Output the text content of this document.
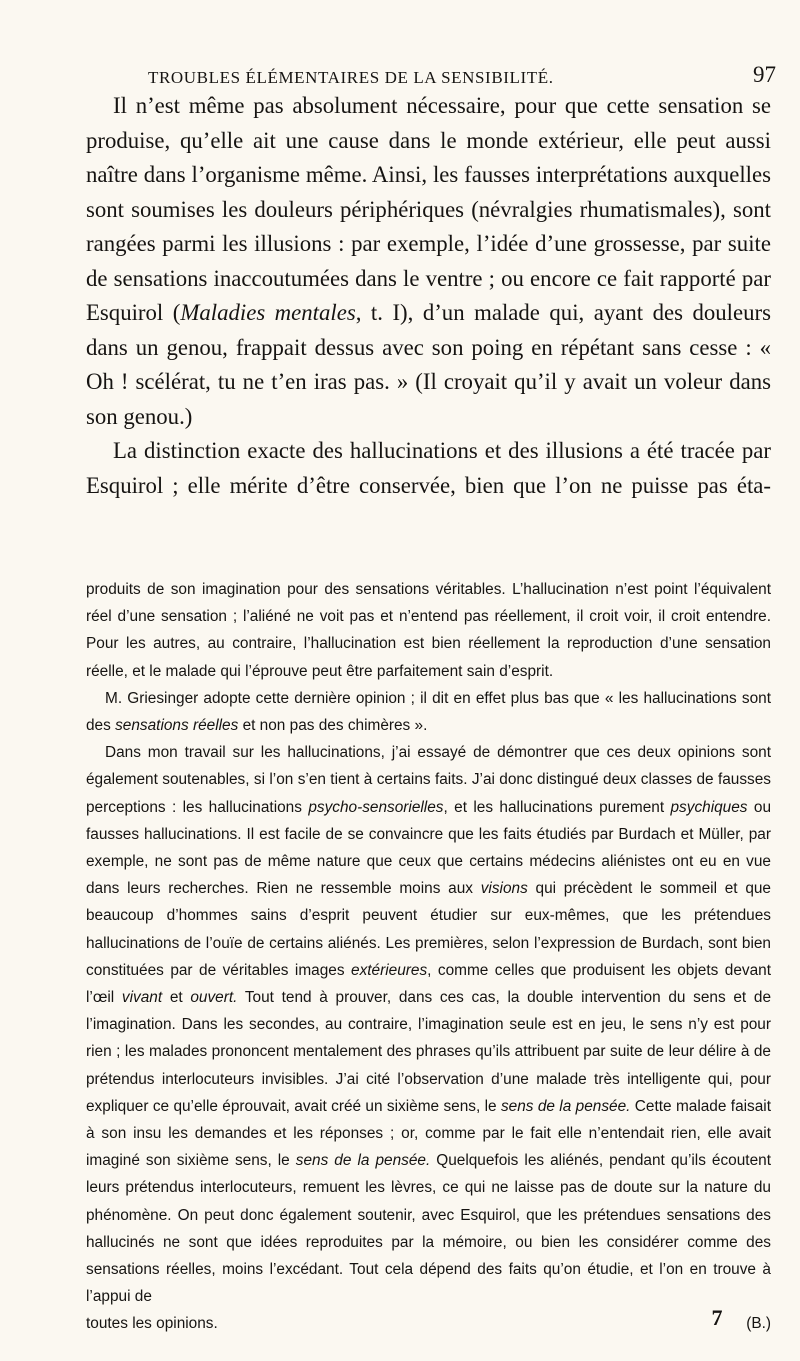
TROUBLES ÉLÉMENTAIRES DE LA SENSIBILITÉ.	97

Il n’est même pas absolument nécessaire, pour que cette sensation se produise, qu’elle ait une cause dans le monde extérieur, elle peut aussi naître dans l’organisme même. Ainsi, les fausses interprétations auxquelles sont soumises les douleurs périphériques (névralgies rhumatismales), sont rangées parmi les illusions : par exemple, l’idée d’une grossesse, par suite de sensations inaccoutumées dans le ventre ; ou encore ce fait rapporté par Esquirol (Maladies mentales, t. I), d’un malade qui, ayant des douleurs dans un genou, frappait dessus avec son poing en répétant sans cesse : « Oh ! scélérat, tu ne t’en iras pas. » (Il croyait qu’il y avait un voleur dans son genou.)

La distinction exacte des hallucinations et des illusions a été tracée par Esquirol ; elle mérite d’être conservée, bien que l’on ne puisse pas éta-

produits de son imagination pour des sensations véritables. L’hallucination n’est point l’équivalent réel d’une sensation ; l’aliéné ne voit pas et n’entend pas réellement, il croit voir, il croit entendre. Pour les autres, au contraire, l’hallucination est bien réellement la reproduction d’une sensation réelle, et le malade qui l’éprouve peut être parfaitement sain d’esprit.

M. Griesinger adopte cette dernière opinion ; il dit en effet plus bas que « les hallucinations sont des sensations réelles et non pas des chimères ».

Dans mon travail sur les hallucinations, j’ai essayé de démontrer que ces deux opinions sont également soutenables, si l’on s’en tient à certains faits. J’ai donc distingué deux classes de fausses perceptions : les hallucinations psycho-sensorielles, et les hallucinations purement psychiques ou fausses hallucinations. Il est facile de se convaincre que les faits étudiés par Burdach et Müller, par exemple, ne sont pas de même nature que ceux que certains médecins aliénistes ont eu en vue dans leurs recherches. Rien ne ressemble moins aux visions qui précèdent le sommeil et que beaucoup d’hommes sains d’esprit peuvent étudier sur eux-mêmes, que les prétendues hallucinations de l’ouïe de certains aliénés. Les premières, selon l’expression de Burdach, sont bien constituées par de véritables images extérieures, comme celles que produisent les objets devant l’œil vivant et ouvert. Tout tend à prouver, dans ces cas, la double intervention du sens et de l’imagination. Dans les secondes, au contraire, l’imagination seule est en jeu, le sens n’y est pour rien ; les malades prononcent mentalement des phrases qu’ils attribuent par suite de leur délire à de prétendus interlocuteurs invisibles. J’ai cité l’observation d’une malade très intelligente qui, pour expliquer ce qu’elle éprouvait, avait créé un sixième sens, le sens de la pensée. Cette malade faisait à son insu les demandes et les réponses ; or, comme par le fait elle n’entendait rien, elle avait imaginé son sixième sens, le sens de la pensée. Quelquefois les aliénés, pendant qu’ils écoutent leurs prétendus interlocuteurs, remuent les lèvres, ce qui ne laisse pas de doute sur la nature du phénomène. On peut donc également soutenir, avec Esquirol, que les prétendues sensations des hallucinés ne sont que idées reproduites par la mémoire, ou bien les considérer comme des sensations réelles, moins l’excédant. Tout cela dépend des faits qu’on étudie, et l’on en trouve à l’appui de

toutes les opinions.	(B.)

7
